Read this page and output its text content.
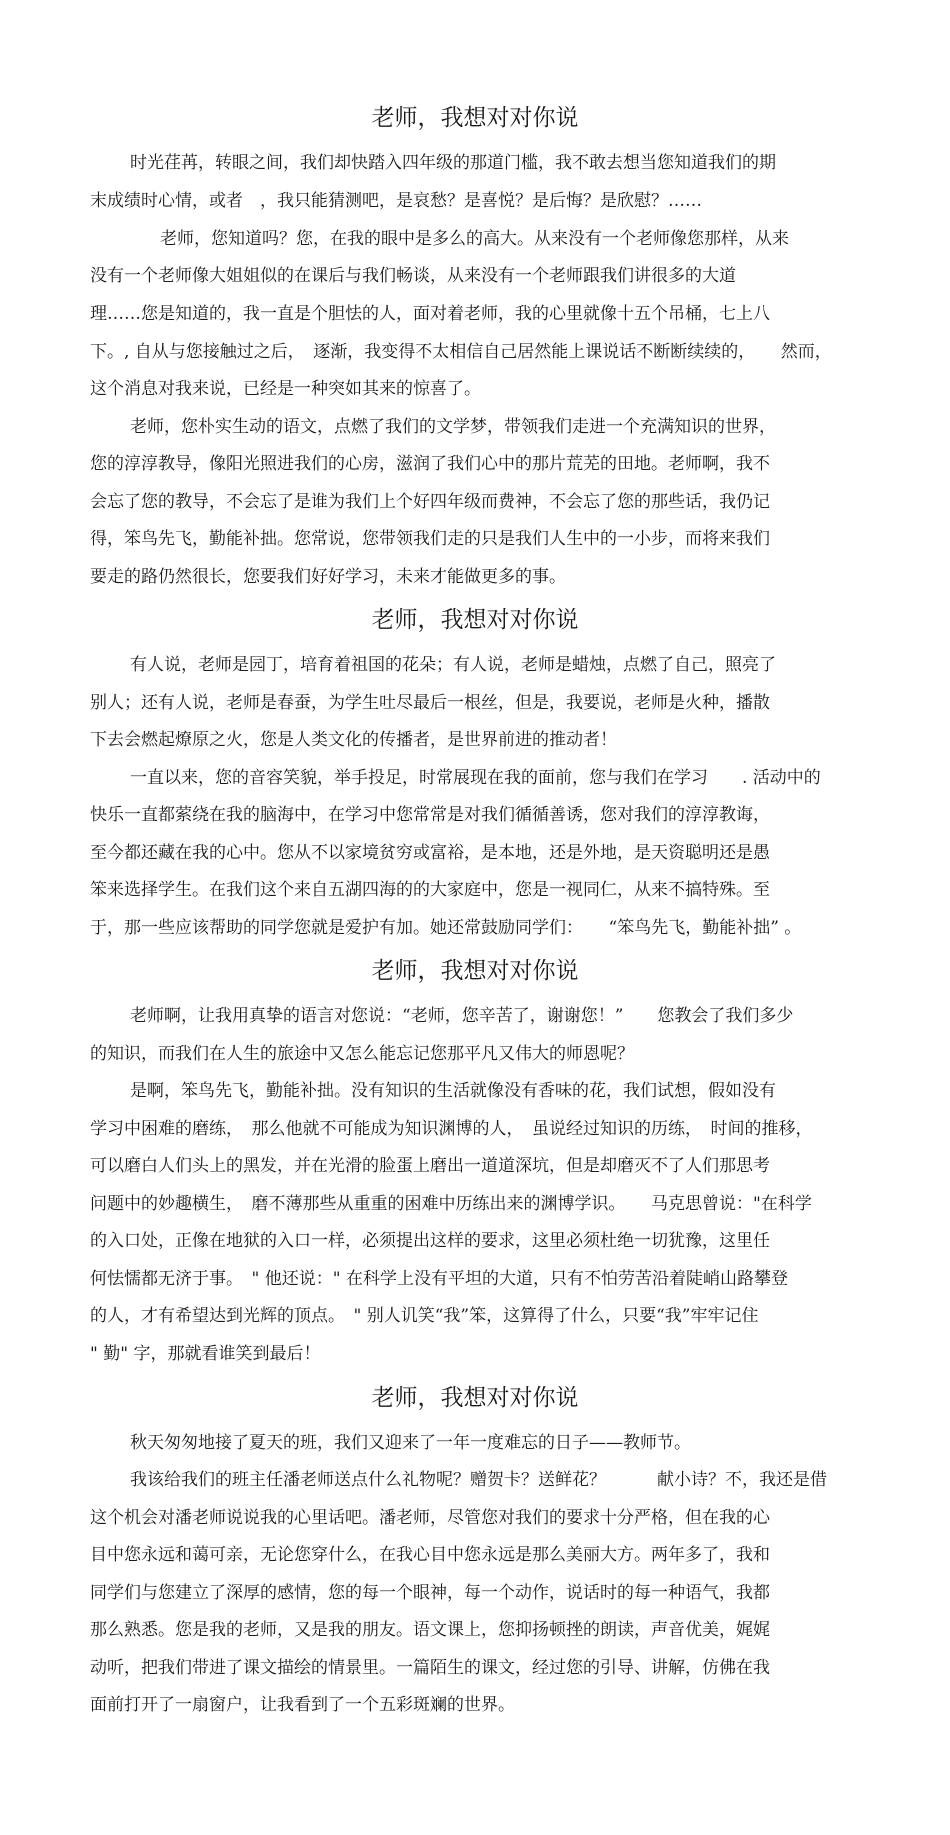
老师，我想对对你说

时光荏苒，转眼之间，我们却快踏入四年级的那道门槛，我不敢去想当您知道我们的期

末成绩时心情，或者　，我只能猜测吧，是哀愁？是喜悦？是后悔？是欣慰？……

老师，您知道吗？您，在我的眼中是多么的高大。从来没有一个老师像您那样，从来

没有一个老师像大姐姐似的在课后与我们畅谈，从来没有一个老师跟我们讲很多的大道

理……您是知道的，我一直是个胆怯的人，面对着老师，我的心里就像十五个吊桶，七上八

下。, 自从与您接触过之后，　逐渐，我变得不太相信自己居然能上课说话不断断续续的，　　然而，

这个消息对我来说，已经是一种突如其来的惊喜了。

老师，您朴实生动的语文，点燃了我们的文学梦，带领我们走进一个充满知识的世界，

您的淳淳教导，像阳光照进我们的心房，滋润了我们心中的那片荒芜的田地。老师啊，我不

会忘了您的教导，不会忘了是谁为我们上个好四年级而费神，不会忘了您的那些话，我仍记

得，笨鸟先飞，勤能补拙。您常说，您带领我们走的只是我们人生中的一小步，而将来我们

要走的路仍然很长，您要我们好好学习，未来才能做更多的事。

老师，我想对对你说

有人说，老师是园丁，培育着祖国的花朵；有人说，老师是蜡烛，点燃了自己，照亮了

别人；还有人说，老师是春蚕，为学生吐尽最后一根丝，但是，我要说，老师是火种，播散

下去会燃起燎原之火，您是人类文化的传播者，是世界前进的推动者！

一直以来，您的音容笑貌，举手投足，时常展现在我的面前，您与我们在学习　　. 活动中的

快乐一直都萦绕在我的脑海中，在学习中您常常是对我们循循善诱，您对我们的淳淳教诲，

至今都还藏在我的心中。您从不以家境贫穷或富裕，是本地，还是外地，是天资聪明还是愚

笨来选择学生。在我们这个来自五湖四海的的大家庭中，您是一视同仁，从来不搞特殊。至

于，那一些应该帮助的同学您就是爱护有加。她还常鼓励同学们：　　“笨鸟先飞，勤能补拙” 。

老师，我想对对你说

老师啊，让我用真挚的语言对您说：“老师，您辛苦了，谢谢您！”　　您教会了我们多少

的知识，而我们在人生的旅途中又怎么能忘记您那平凡又伟大的师恩呢？

是啊，笨鸟先飞，勤能补拙。没有知识的生活就像没有香味的花，我们试想，假如没有

学习中困难的磨练，　那么他就不可能成为知识渊博的人，　虽说经过知识的历练，　时间的推移，

可以磨白人们头上的黑发，并在光滑的脸蛋上磨出一道道深坑，但是却磨灭不了人们那思考

问题中的妙趣横生，　磨不薄那些从重重的困难中历练出来的渊博学识。　　马克思曾说："在科学

的入口处，正像在地狱的入口一样，必须提出这样的要求，这里必须杜绝一切犹豫，这里任

何怯懦都无济于事。　" 他还说：" 在科学上没有平坦的大道，只有不怕劳苦沿着陡峭山路攀登

的人，才有希望达到光辉的顶点。　" 别人讥笑“我”笨，这算得了什么，只要“我”牢牢记住

" 勤" 字，那就看谁笑到最后！

老师，我想对对你说

秋天匆匆地接了夏天的班，我们又迎来了一年一度难忘的日子——教师节。

我该给我们的班主任潘老师送点什么礼物呢？赠贺卡？送鲜花？　　　献小诗？不，我还是借

这个机会对潘老师说说我的心里话吧。潘老师，尽管您对我们的要求十分严格，但在我的心

目中您永远和蔼可亲，无论您穿什么，在我心目中您永远是那么美丽大方。两年多了，我和

同学们与您建立了深厚的感情，您的每一个眼神，每一个动作，说话时的每一种语气，我都

那么熟悉。您是我的老师，又是我的朋友。语文课上，您抑扬顿挫的朗读，声音优美，娓娓

动听，把我们带进了课文描绘的情景里。一篇陌生的课文，经过您的引导、讲解，仿佛在我

面前打开了一扇窗户，让我看到了一个五彩斑斓的世界。
